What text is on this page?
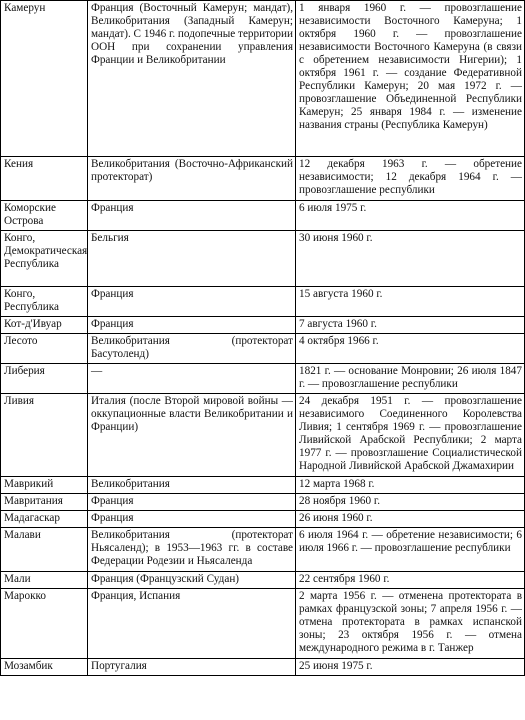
Камерун	Франция (Восточный Камерун; мандат), Великобритания (Западный Камерун; мандат). С 1946 г. подопечные территории ООН при сохранении управления Франции и Великобритании	1 января 1960 г. — провозглашение независимости Восточного Камеруна; 1 октября 1960 г. — провозглашение независимости Восточного Камеруна (в связи с обретением независимости Нигерии); 1 октября 1961 г. — создание Федеративной Республики Камерун; 20 мая 1972 г. — провозглашение Объединенной Республики Камерун; 25 января 1984 г. — изменение названия страны (Республика Камерун)
Кения	Великобритания (Восточно-Африканский протекторат)	12 декабря 1963 г. — обретение независимости; 12 декабря 1964 г. — провозглашение республики
Коморские Острова	Франция	6 июля 1975 г.
Конго, Демократическая Республика	Бельгия	30 июня 1960 г.
Конго, Республика	Франция	15 августа 1960 г.
Кот-д'Ивуар	Франция	7 августа 1960 г.
Лесото	Великобритания (протекторат Басутоленд)	4 октября 1966 г.
Либерия	—	1821 г. — основание Монровии; 26 июля 1847 г. — провозглашение республики
Ливия	Италия (после Второй мировой войны — оккупационные власти Великобритании и Франции)	24 декабря 1951 г. — провозглашение независимого Соединенного Королевства Ливия; 1 сентября 1969 г. — провозглашение Ливийской Арабской Республики; 2 марта 1977 г. — провозглашение Социалистической Народной Ливийской Арабской Джамахирии
Маврикий	Великобритания	12 марта 1968 г.
Мавритания	Франция	28 ноября 1960 г.
Мадагаскар	Франция	26 июня 1960 г.
Малави	Великобритания (протекторат Ньясаленд); в 1953—1963 гг. в составе Федерации Родезии и Ньясаленда	6 июля 1964 г. — обретение независимости; 6 июля 1966 г. — провозглашение республики
Мали	Франция (Французский Судан)	22 сентября 1960 г.
Марокко	Франция, Испания	2 марта 1956 г. — отменена протектората в рамках французской зоны; 7 апреля 1956 г. — отмена протектората в рамках испанской зоны; 23 октября 1956 г. — отмена международного режима в г. Танжер
Мозамбик	Португалия	25 июня 1975 г.
